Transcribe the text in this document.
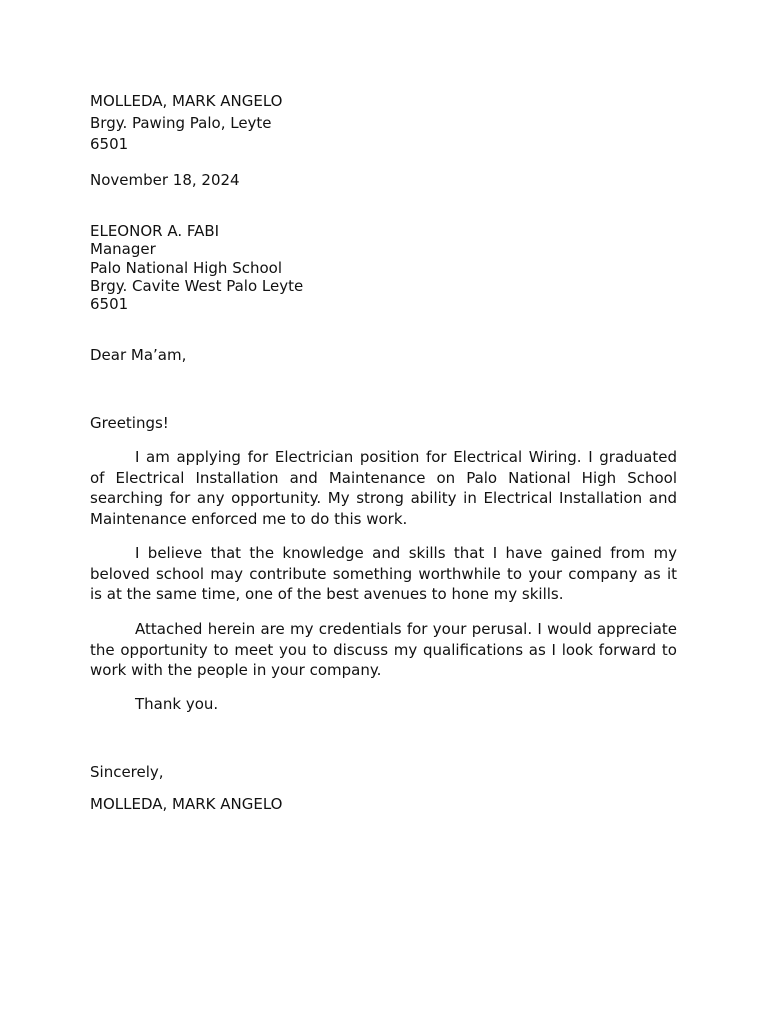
MOLLEDA, MARK ANGELO

Brgy. Pawing Palo, Leyte

6501

November 18, 2024

ELEONOR A. FABI

Manager

Palo National High School

Brgy. Cavite West Palo Leyte

6501

Dear Ma’am,

Greetings!

I am applying for Electrician position for Electrical Wiring. I graduated of Electrical Installation and Maintenance on Palo National High School searching for any opportunity. My strong ability in Electrical Installation and Maintenance enforced me to do this work.

I believe that the knowledge and skills that I have gained from my beloved school may contribute something worthwhile to your company as it is at the same time, one of the best avenues to hone my skills.

Attached herein are my credentials for your perusal. I would appreciate the opportunity to meet you to discuss my qualifications as I look forward to work with the people in your company.

Thank you.

Sincerely,

MOLLEDA, MARK ANGELO
